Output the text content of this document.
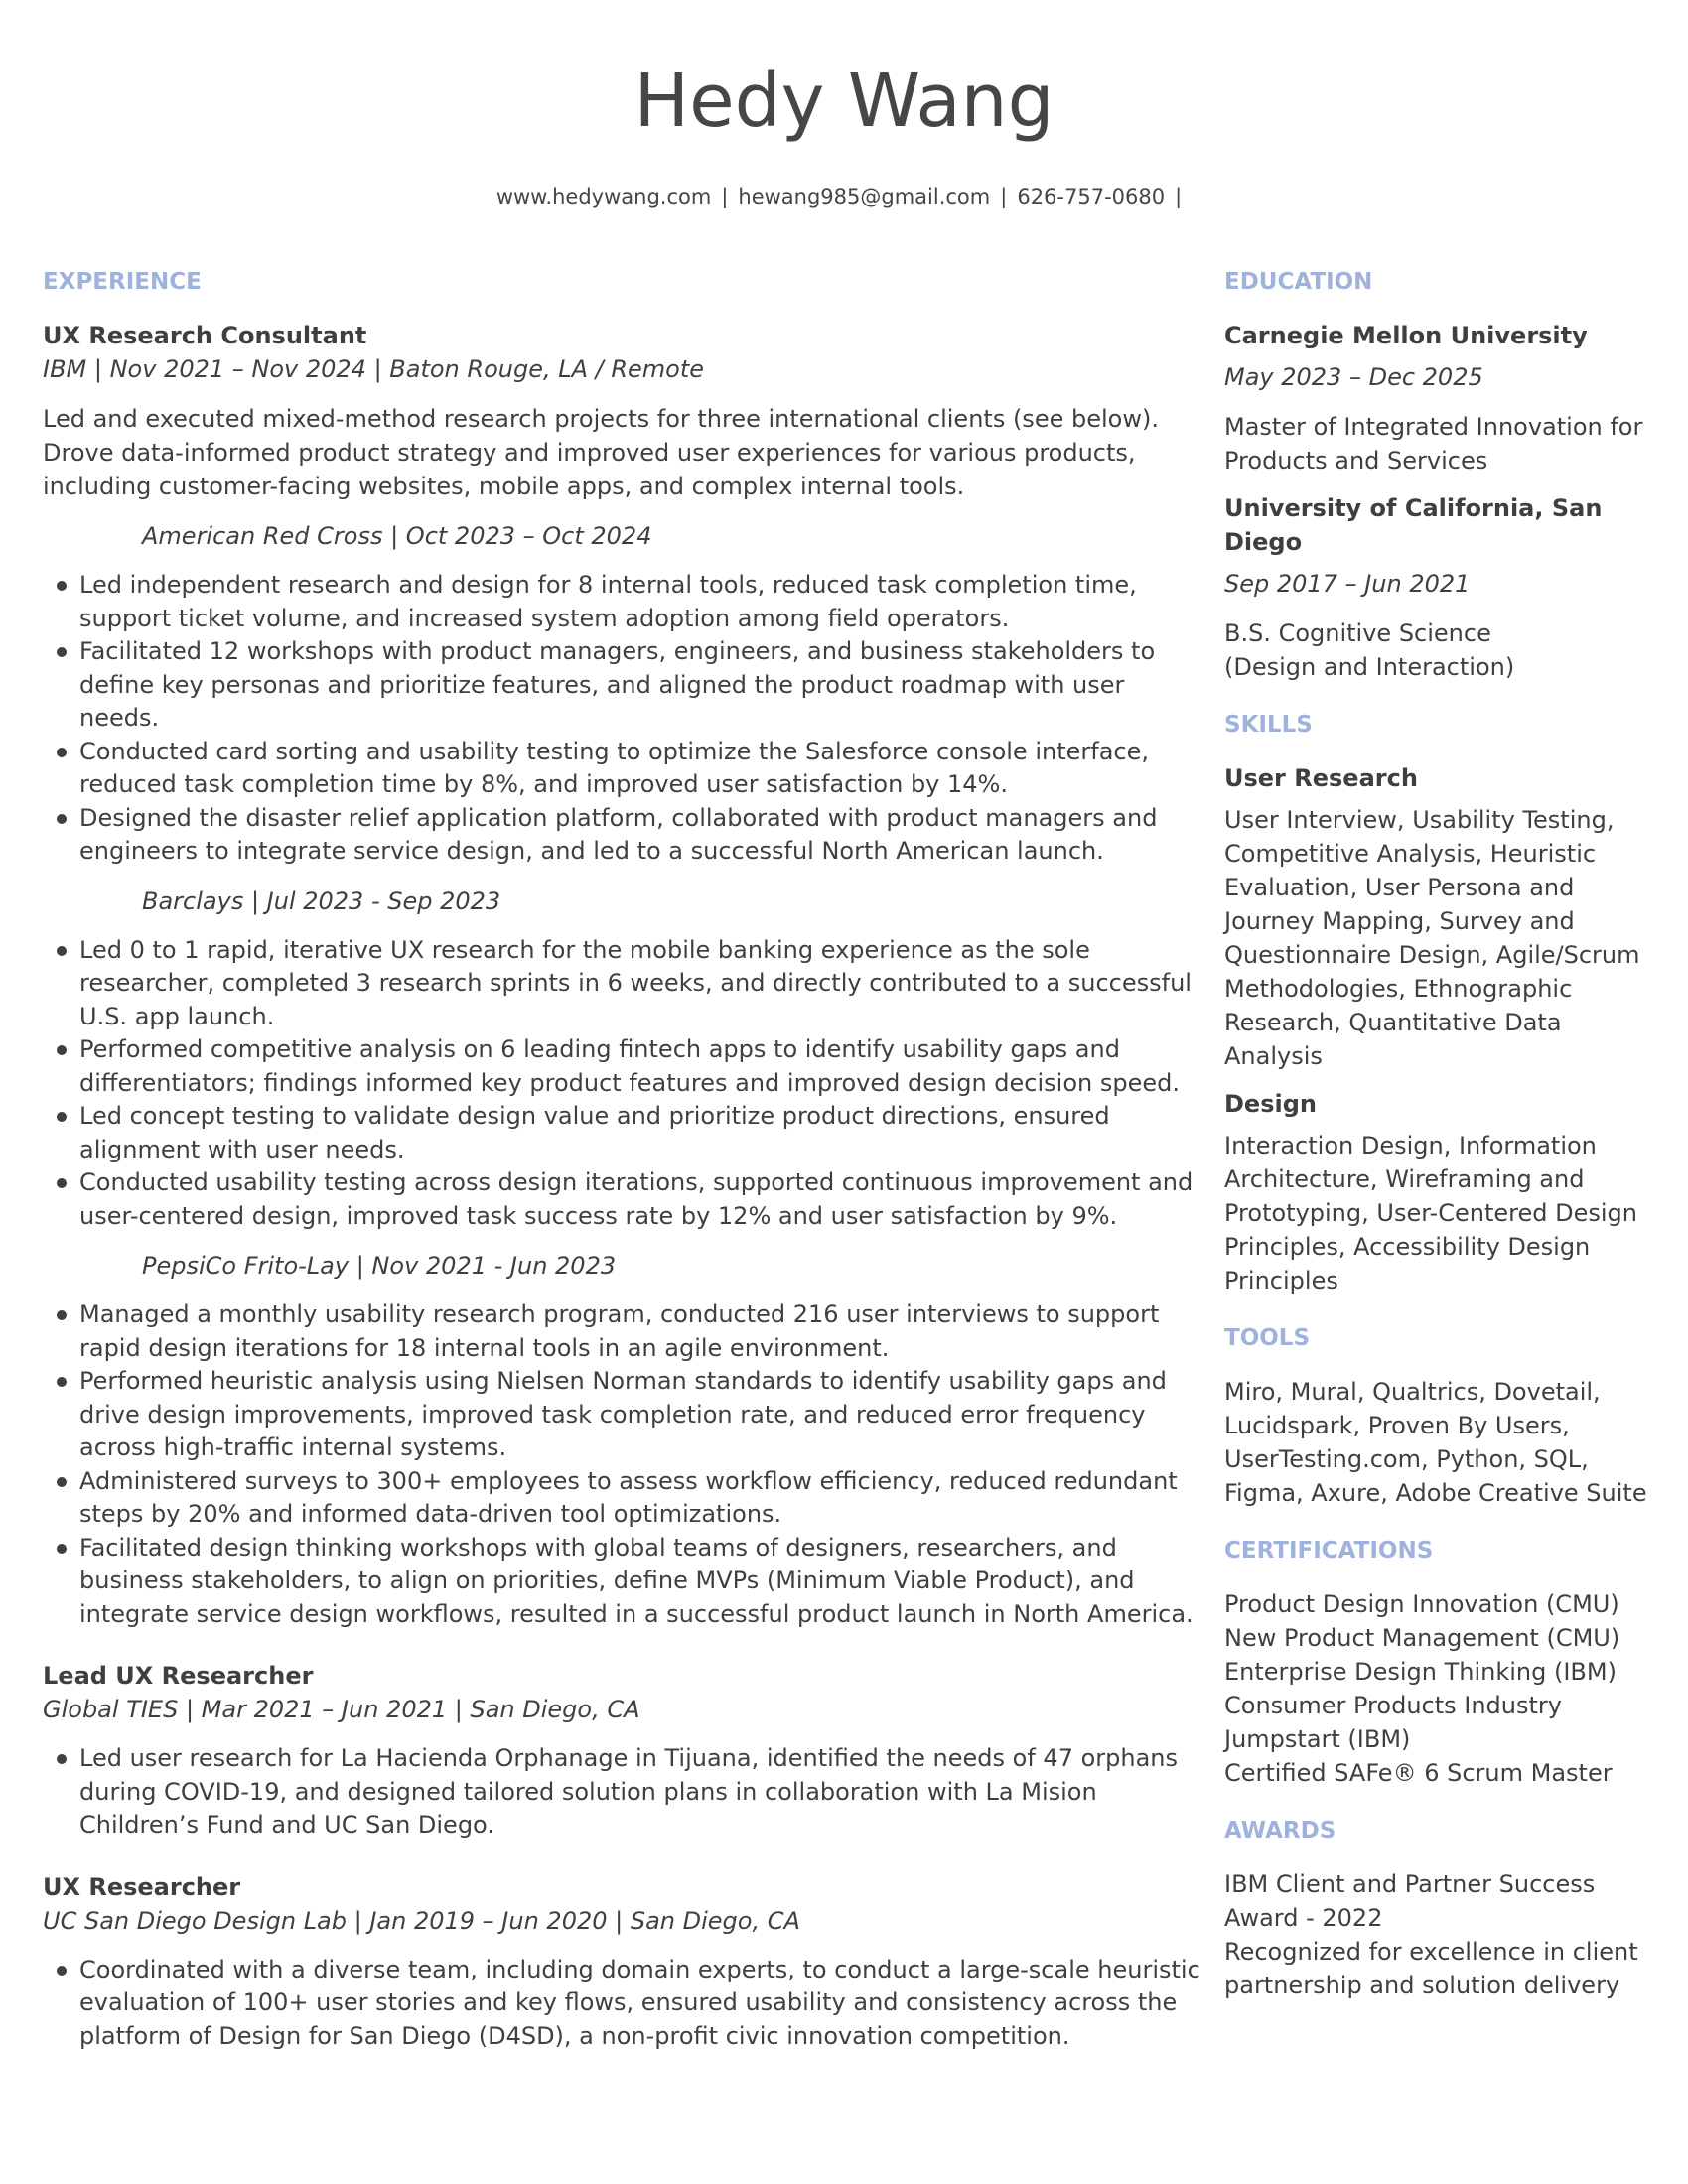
Hedy Wang
www.hedywang.com | hewang985@gmail.com | 626-757-0680 |
EXPERIENCE
UX Research Consultant
IBM | Nov 2021 – Nov 2024 | Baton Rouge, LA / Remote
Led and executed mixed-method research projects for three international clients (see below). Drove data-informed product strategy and improved user experiences for various products, including customer-facing websites, mobile apps, and complex internal tools.
American Red Cross | Oct 2023 – Oct 2024
Led independent research and design for 8 internal tools, reduced task completion time, support ticket volume, and increased system adoption among field operators.
Facilitated 12 workshops with product managers, engineers, and business stakeholders to define key personas and prioritize features, and aligned the product roadmap with user needs.
Conducted card sorting and usability testing to optimize the Salesforce console interface, reduced task completion time by 8%, and improved user satisfaction by 14%.
Designed the disaster relief application platform, collaborated with product managers and engineers to integrate service design, and led to a successful North American launch.
Barclays | Jul 2023 - Sep 2023
Led 0 to 1 rapid, iterative UX research for the mobile banking experience as the sole researcher, completed 3 research sprints in 6 weeks, and directly contributed to a successful U.S. app launch.
Performed competitive analysis on 6 leading fintech apps to identify usability gaps and differentiators; findings informed key product features and improved design decision speed.
Led concept testing to validate design value and prioritize product directions, ensured alignment with user needs.
Conducted usability testing across design iterations, supported continuous improvement and user-centered design, improved task success rate by 12% and user satisfaction by 9%.
PepsiCo Frito-Lay | Nov 2021 - Jun 2023
Managed a monthly usability research program, conducted 216 user interviews to support rapid design iterations for 18 internal tools in an agile environment.
Performed heuristic analysis using Nielsen Norman standards to identify usability gaps and drive design improvements, improved task completion rate, and reduced error frequency across high-traffic internal systems.
Administered surveys to 300+ employees to assess workflow efficiency, reduced redundant steps by 20% and informed data-driven tool optimizations.
Facilitated design thinking workshops with global teams of designers, researchers, and business stakeholders, to align on priorities, define MVPs (Minimum Viable Product), and integrate service design workflows, resulted in a successful product launch in North America.
Lead UX Researcher
Global TIES | Mar 2021 – Jun 2021 | San Diego, CA
Led user research for La Hacienda Orphanage in Tijuana, identified the needs of 47 orphans during COVID-19, and designed tailored solution plans in collaboration with La Mision Children’s Fund and UC San Diego.
UX Researcher
UC San Diego Design Lab | Jan 2019 – Jun 2020 | San Diego, CA
Coordinated with a diverse team, including domain experts, to conduct a large-scale heuristic evaluation of 100+ user stories and key flows, ensured usability and consistency across the platform of Design for San Diego (D4SD), a non-profit civic innovation competition.
EDUCATION
Carnegie Mellon University
May 2023 – Dec 2025
Master of Integrated Innovation for
Products and Services
University of California, San Diego
Sep 2017 – Jun 2021
B.S. Cognitive Science
(Design and Interaction)
SKILLS
User Research
User Interview, Usability Testing, Competitive Analysis, Heuristic Evaluation, User Persona and Journey Mapping, Survey and Questionnaire Design, Agile/Scrum Methodologies, Ethnographic Research, Quantitative Data Analysis
Design
Interaction Design, Information Architecture, Wireframing and Prototyping, User-Centered Design Principles, Accessibility Design Principles
TOOLS
Miro, Mural, Qualtrics, Dovetail, Lucidspark, Proven By Users, UserTesting.com, Python, SQL, Figma, Axure, Adobe Creative Suite
CERTIFICATIONS
Product Design Innovation (CMU)
New Product Management (CMU)
Enterprise Design Thinking (IBM)
Consumer Products Industry Jumpstart (IBM)
Certified SAFe® 6 Scrum Master
AWARDS
IBM Client and Partner Success Award - 2022
Recognized for excellence in client partnership and solution delivery
